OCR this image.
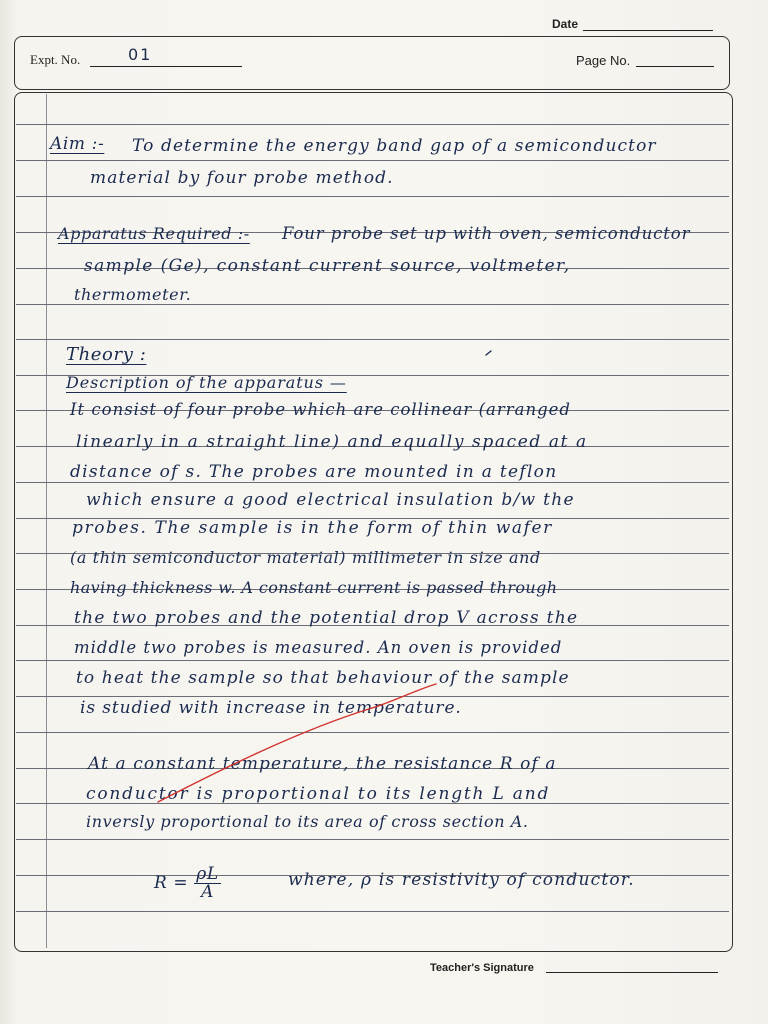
Date
Expt. No.	01	Page No.
Aim :- To determine the energy band gap of a semiconductor
material by four probe method.
Apparatus Required :- Four probe set up with oven, semiconductor
sample (Ge), constant current source, voltmeter,
thermometer.
Theory :
Description of the apparatus —
It consist of four probe which are collinear (arranged
linearly in a straight line) and equally spaced at a
distance of s. The probes are mounted in a teflon
which ensure a good electrical insulation b/w the
probes. The sample is in the form of thin wafer
(a thin semiconductor material) millimeter in size and
having thickness w. A constant current is passed through
the two probes and the potential drop V across the
middle two probes is measured. An oven is provided
to heat the sample so that behaviour of the sample
is studied with increase in temperature.
At a constant temperature, the resistance R of a
conductor is proportional to its length L and
inversly proportional to its area of cross section A.
$R = \frac{\rho L}{A}$	where, ρ is resistivity of conductor.
Teacher's Signature
